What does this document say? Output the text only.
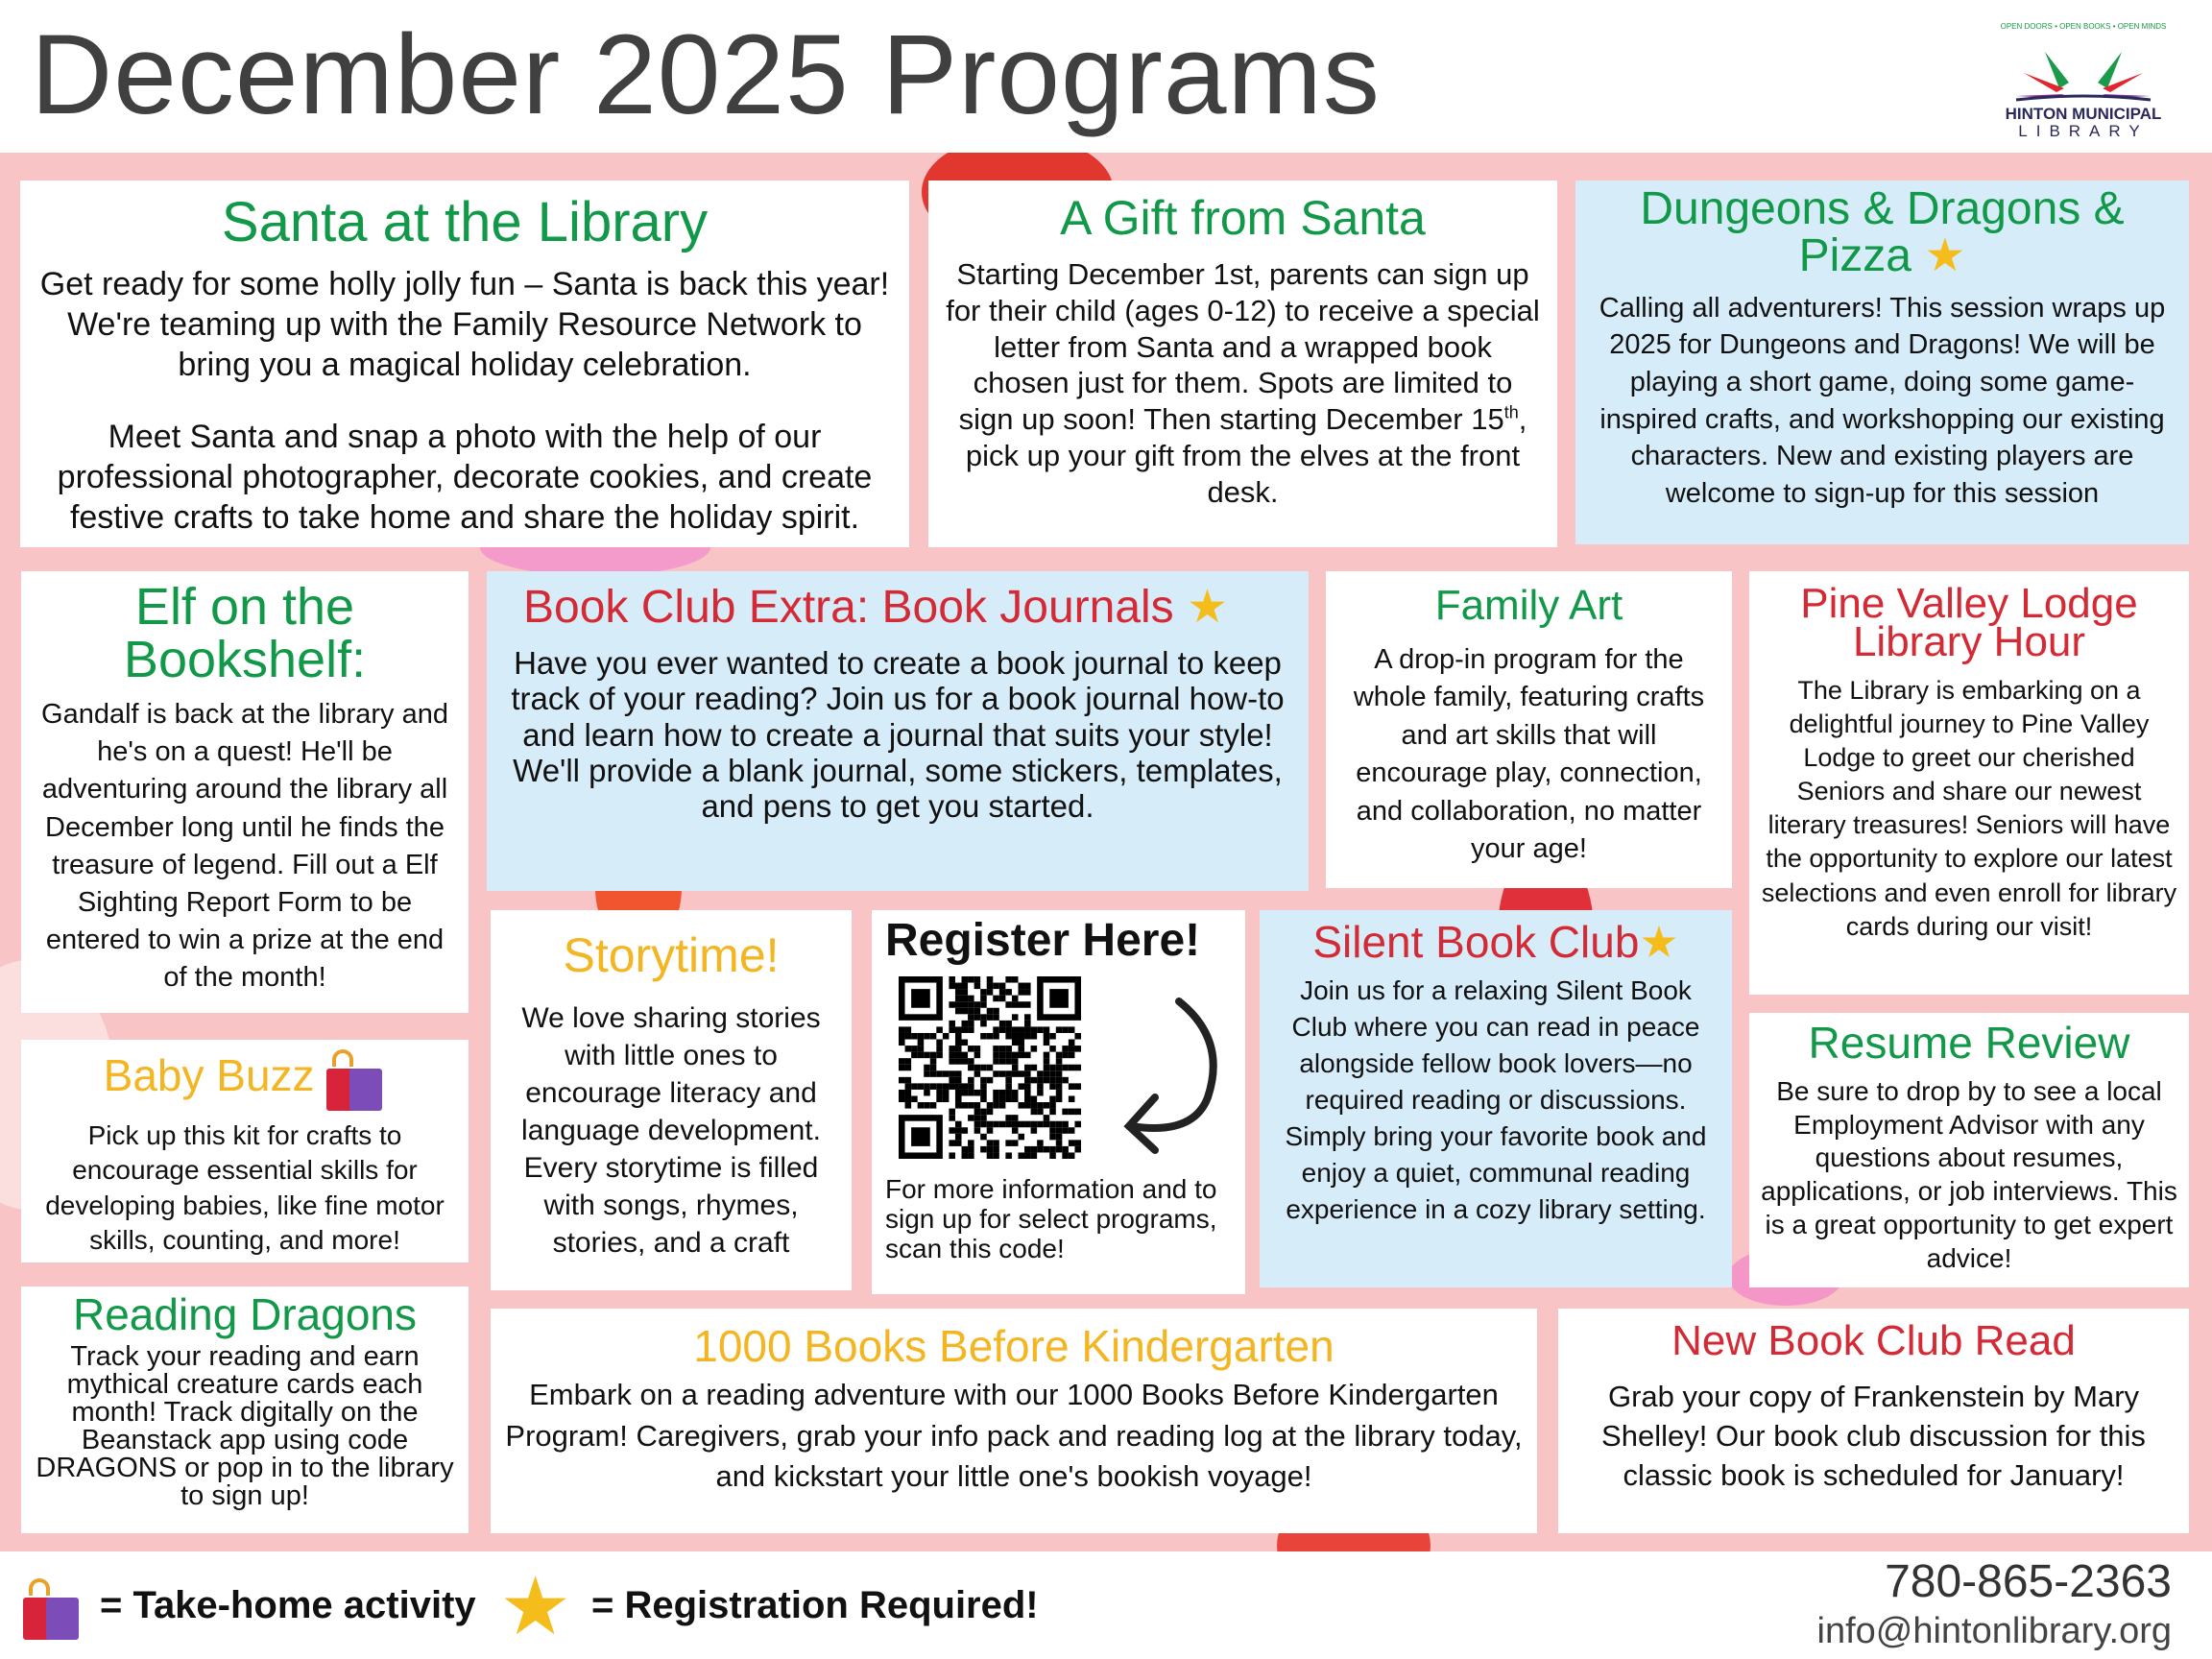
December 2025 Programs	HINTON MUNICIPAL
LIBRARY
OPEN DOORS • OPEN BOOKS • OPEN MINDS
Santa at the Library

Get ready for some holly jolly fun – Santa is back this year! We're teaming up with the Family Resource Network to bring you a magical holiday celebration.

Meet Santa and snap a photo with the help of our professional photographer, decorate cookies, and create festive crafts to take home and share the holiday spirit.

A Gift from Santa

Starting December 1st, parents can sign up for their child (ages 0-12) to receive a special letter from Santa and a wrapped book chosen just for them. Spots are limited to sign up soon! Then starting December 15th, pick up your gift from the elves at the front desk.

Dungeons & Dragons & Pizza ★

Calling all adventurers! This session wraps up 2025 for Dungeons and Dragons! We will be playing a short game, doing some game-inspired crafts, and workshopping our existing characters. New and existing players are welcome to sign-up for this session

Elf on the Bookshelf:

Gandalf is back at the library and he's on a quest! He'll be adventuring around the library all December long until he finds the treasure of legend. Fill out a Elf Sighting Report Form to be entered to win a prize at the end of the month!

Book Club Extra: Book Journals ★

Have you ever wanted to create a book journal to keep track of your reading? Join us for a book journal how-to and learn how to create a journal that suits your style! We'll provide a blank journal, some stickers, templates, and pens to get you started.

Family Art

A drop-in program for the whole family, featuring crafts and art skills that will encourage play, connection, and collaboration, no matter your age!

Pine Valley Lodge Library Hour

The Library is embarking on a delightful journey to Pine Valley Lodge to greet our cherished Seniors and share our newest literary treasures! Seniors will have the opportunity to explore our latest selections and even enroll for library cards during our visit!

Baby Buzz

Pick up this kit for crafts to encourage essential skills for developing babies, like fine motor skills, counting, and more!

Storytime!

We love sharing stories with little ones to encourage literacy and language development. Every storytime is filled with songs, rhymes, stories, and a craft

Register Here!

For more information and to sign up for select programs, scan this code!

Silent Book Club★

Join us for a relaxing Silent Book Club where you can read in peace alongside fellow book lovers—no required reading or discussions. Simply bring your favorite book and enjoy a quiet, communal reading experience in a cozy library setting.

Resume Review

Be sure to drop by to see a local Employment Advisor with any questions about resumes, applications, or job interviews. This is a great opportunity to get expert advice!

Reading Dragons

Track your reading and earn mythical creature cards each month! Track digitally on the Beanstack app using code DRAGONS or pop in to the library to sign up!

1000 Books Before Kindergarten

Embark on a reading adventure with our 1000 Books Before Kindergarten Program! Caregivers, grab your info pack and reading log at the library today, and kickstart your little one's bookish voyage!

New Book Club Read

Grab your copy of Frankenstein by Mary Shelley! Our book club discussion for this classic book is scheduled for January!

= Take-home activity ★ = Registration Required!	780-865-2363
info@hintonlibrary.org
